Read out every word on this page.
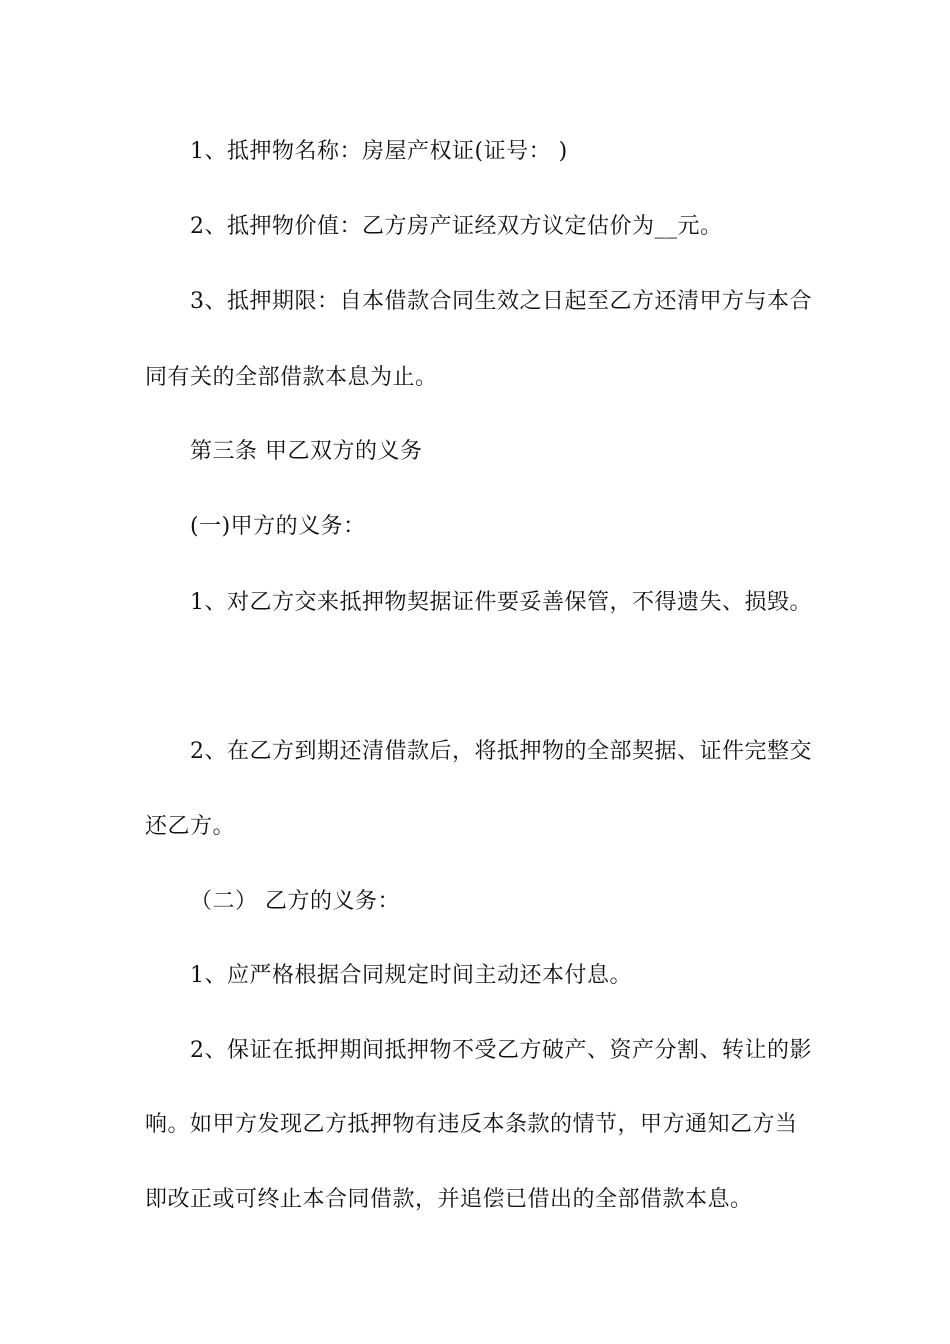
1、抵押物名称：房屋产权证(证号： )
2、抵押物价值：乙方房产证经双方议定估价为__元。
3、抵押期限：自本借款合同生效之日起至乙方还清甲方与本合
同有关的全部借款本息为止。
第三条 甲乙双方的义务
(一)甲方的义务：
1、对乙方交来抵押物契据证件要妥善保管，不得遗失、损毁。
2、在乙方到期还清借款后，将抵押物的全部契据、证件完整交
还乙方。
（二） 乙方的义务：
1、应严格根据合同规定时间主动还本付息。
2、保证在抵押期间抵押物不受乙方破产、资产分割、转让的影
响。如甲方发现乙方抵押物有违反本条款的情节，甲方通知乙方当
即改正或可终止本合同借款，并追偿已借出的全部借款本息。
